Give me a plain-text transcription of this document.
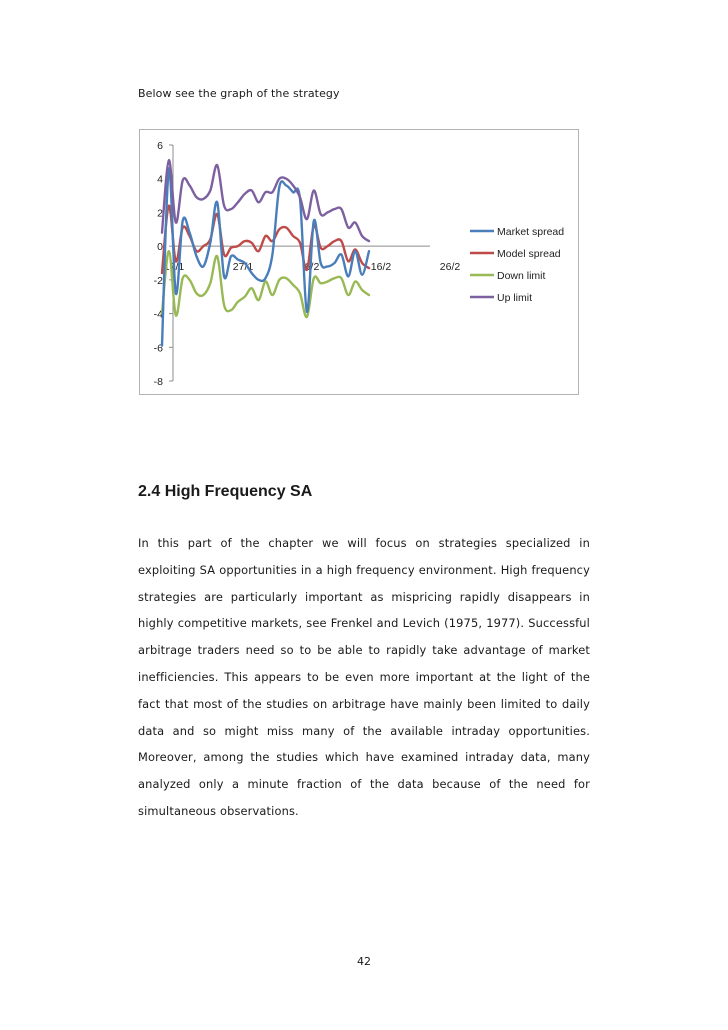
Below see the graph of the strategy
6
4
2
0
-2
-4
-6
-8
17/1	27/1	6/2	16/2	26/2
Market spread
Model spread
Down limit
Up limit
2.4 High Frequency SA

In this part of the chapter we will focus on strategies specialized in exploiting SA opportunities in a high frequency environment. High frequency strategies are particularly important as mispricing rapidly disappears in highly competitive markets, see Frenkel and Levich (1975, 1977). Successful arbitrage traders need so to be able to rapidly take advantage of market inefficiencies. This appears to be even more important at the light of the fact that most of the studies on arbitrage have mainly been limited to daily data and so might miss many of the available intraday opportunities. Moreover, among the studies which have examined intraday data, many analyzed only a minute fraction of the data because of the need for simultaneous observations.

42
